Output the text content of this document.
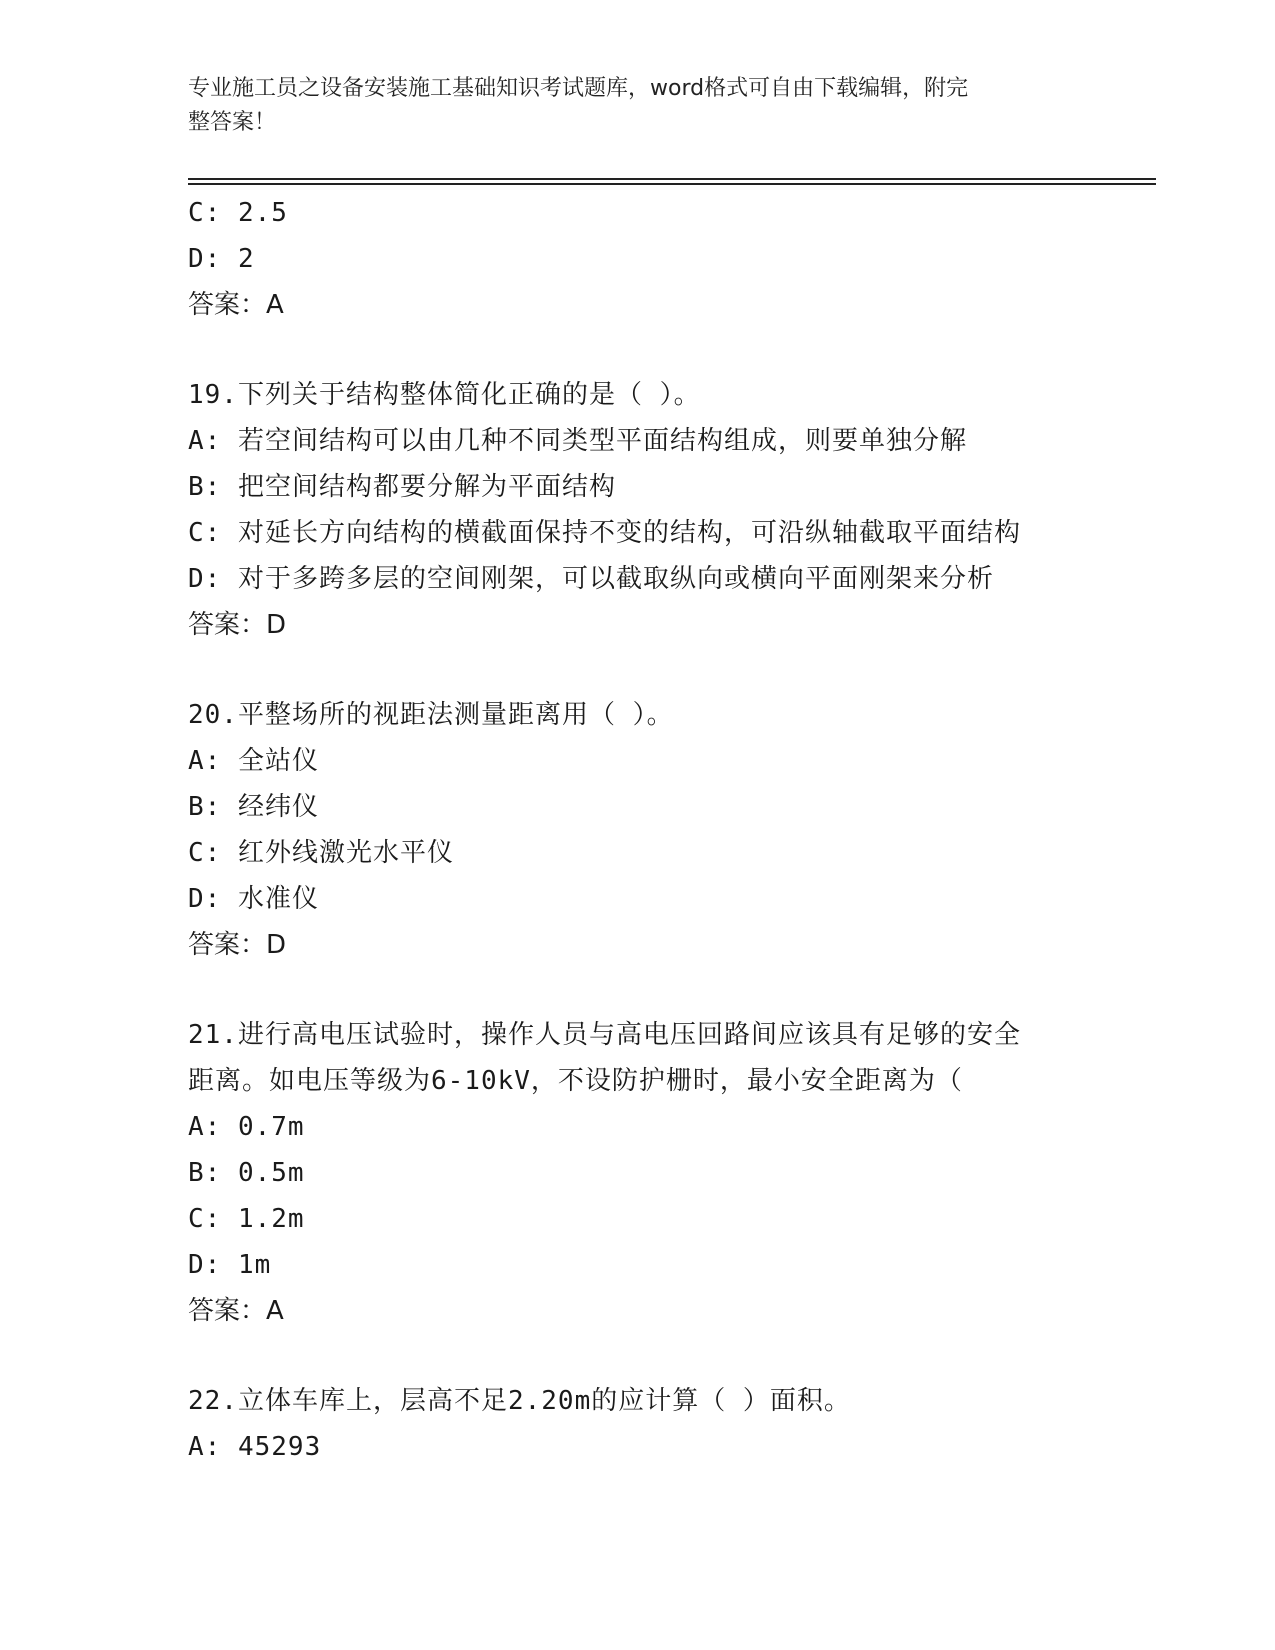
专业施工员之设备安装施工基础知识考试题库，word格式可自由下载编辑，附完
整答案！
C: 2.5
D: 2
答案：A
19.下列关于结构整体简化正确的是（ ）。
A: 若空间结构可以由几种不同类型平面结构组成，则要单独分解
B: 把空间结构都要分解为平面结构
C: 对延长方向结构的横截面保持不变的结构，可沿纵轴截取平面结构
D: 对于多跨多层的空间刚架，可以截取纵向或横向平面刚架来分析
答案：D
20.平整场所的视距法测量距离用（ ）。
A: 全站仪
B: 经纬仪
C: 红外线激光水平仪
D: 水准仪
答案：D
21.进行高电压试验时，操作人员与高电压回路间应该具有足够的安全
距离。如电压等级为6-10kV，不设防护栅时，最小安全距离为（
A: 0.7m
B: 0.5m
C: 1.2m
D: 1m
答案：A
22.立体车库上，层高不足2.20m的应计算（ ）面积。
A: 45293
